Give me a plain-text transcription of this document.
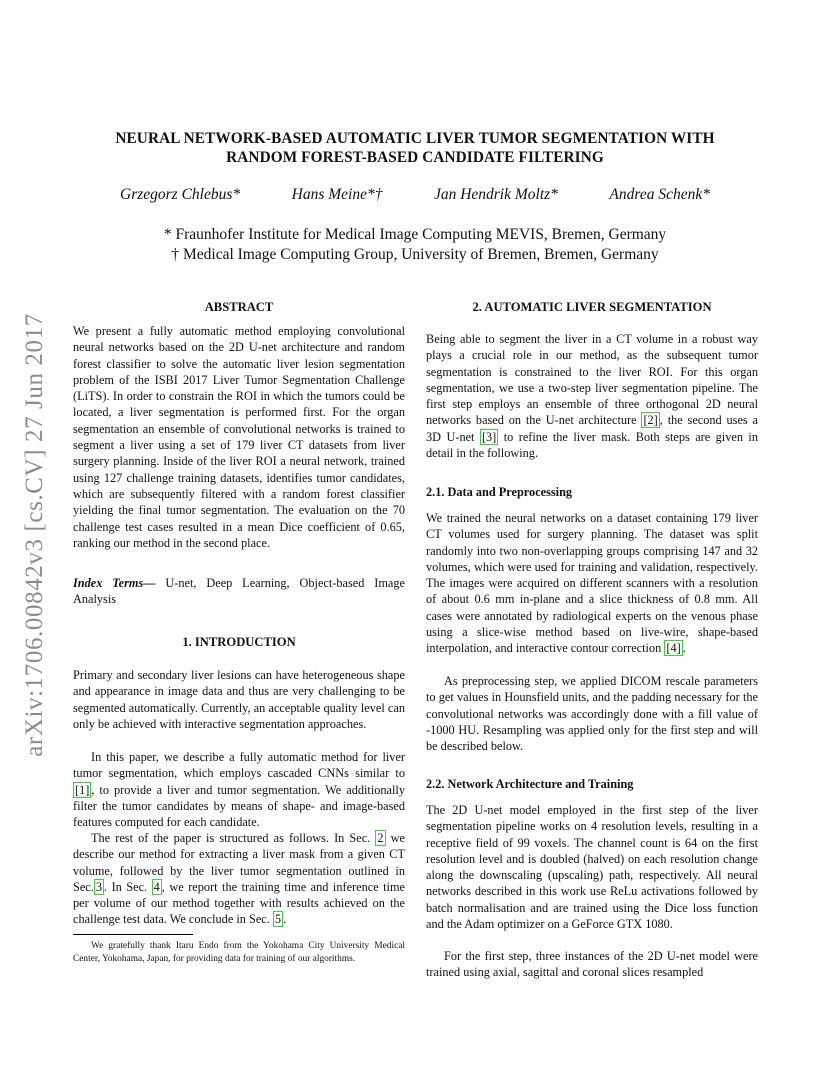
arXiv:1706.00842v3 [cs.CV] 27 Jun 2017
NEURAL NETWORK-BASED AUTOMATIC LIVER TUMOR SEGMENTATION WITH
RANDOM FOREST-BASED CANDIDATE FILTERING
Grzegorz Chlebus*	Hans Meine*†	Jan Hendrik Moltz*	Andrea Schenk*
* Fraunhofer Institute for Medical Image Computing MEVIS, Bremen, Germany
† Medical Image Computing Group, University of Bremen, Bremen, Germany
ABSTRACT

We present a fully automatic method employing convolutional neural networks based on the 2D U-net architecture and random forest classifier to solve the automatic liver lesion segmentation problem of the ISBI 2017 Liver Tumor Segmentation Challenge (LiTS). In order to constrain the ROI in which the tumors could be located, a liver segmentation is performed first. For the organ segmentation an ensemble of convolutional networks is trained to segment a liver using a set of 179 liver CT datasets from liver surgery planning. Inside of the liver ROI a neural network, trained using 127 challenge training datasets, identifies tumor candidates, which are subsequently filtered with a random forest classifier yielding the final tumor segmentation. The evaluation on the 70 challenge test cases resulted in a mean Dice coefficient of 0.65, ranking our method in the second place.

Index Terms— U-net, Deep Learning, Object-based Image Analysis

1. INTRODUCTION

Primary and secondary liver lesions can have heterogeneous shape and appearance in image data and thus are very challenging to be segmented automatically. Currently, an acceptable quality level can only be achieved with interactive segmentation approaches.

In this paper, we describe a fully automatic method for liver tumor segmentation, which employs cascaded CNNs similar to [1] , to provide a liver and tumor segmentation. We additionally filter the tumor candidates by means of shape- and image-based features computed for each candidate.

The rest of the paper is structured as follows. In Sec. 2 we describe our method for extracting a liver mask from a given CT volume, followed by the liver tumor segmentation outlined in Sec. 3 . In Sec. 4 , we report the training time and inference time per volume of our method together with results achieved on the challenge test data. We conclude in Sec. 5 .

We gratefully thank Itaru Endo from the Yokohama City University Medical Center, Yokohama, Japan, for providing data for training of our algorithms.

2. AUTOMATIC LIVER SEGMENTATION

Being able to segment the liver in a CT volume in a robust way plays a crucial role in our method, as the subsequent tumor segmentation is constrained to the liver ROI. For this organ segmentation, we use a two-step liver segmentation pipeline. The first step employs an ensemble of three orthogonal 2D neural networks based on the U-net architecture [2] , the second uses a 3D U-net [3] to refine the liver mask. Both steps are given in detail in the following.

2.1. Data and Preprocessing

We trained the neural networks on a dataset containing 179 liver CT volumes used for surgery planning. The dataset was split randomly into two non-overlapping groups comprising 147 and 32 volumes, which were used for training and validation, respectively. The images were acquired on different scanners with a resolution of about 0.6 mm in-plane and a slice thickness of 0.8 mm. All cases were annotated by radiological experts on the venous phase using a slice-wise method based on live-wire, shape-based interpolation, and interactive contour correction [4] .

As preprocessing step, we applied DICOM rescale parameters to get values in Hounsfield units, and the padding necessary for the convolutional networks was accordingly done with a fill value of -1000 HU. Resampling was applied only for the first step and will be described below.

2.2. Network Architecture and Training

The 2D U-net model employed in the first step of the liver segmentation pipeline works on 4 resolution levels, resulting in a receptive field of 99 voxels. The channel count is 64 on the first resolution level and is doubled (halved) on each resolution change along the downscaling (upscaling) path, respectively. All neural networks described in this work use ReLu activations followed by batch normalisation and are trained using the Dice loss function and the Adam optimizer on a GeForce GTX 1080.

For the first step, three instances of the 2D U-net model were trained using axial, sagittal and coronal slices resampled
